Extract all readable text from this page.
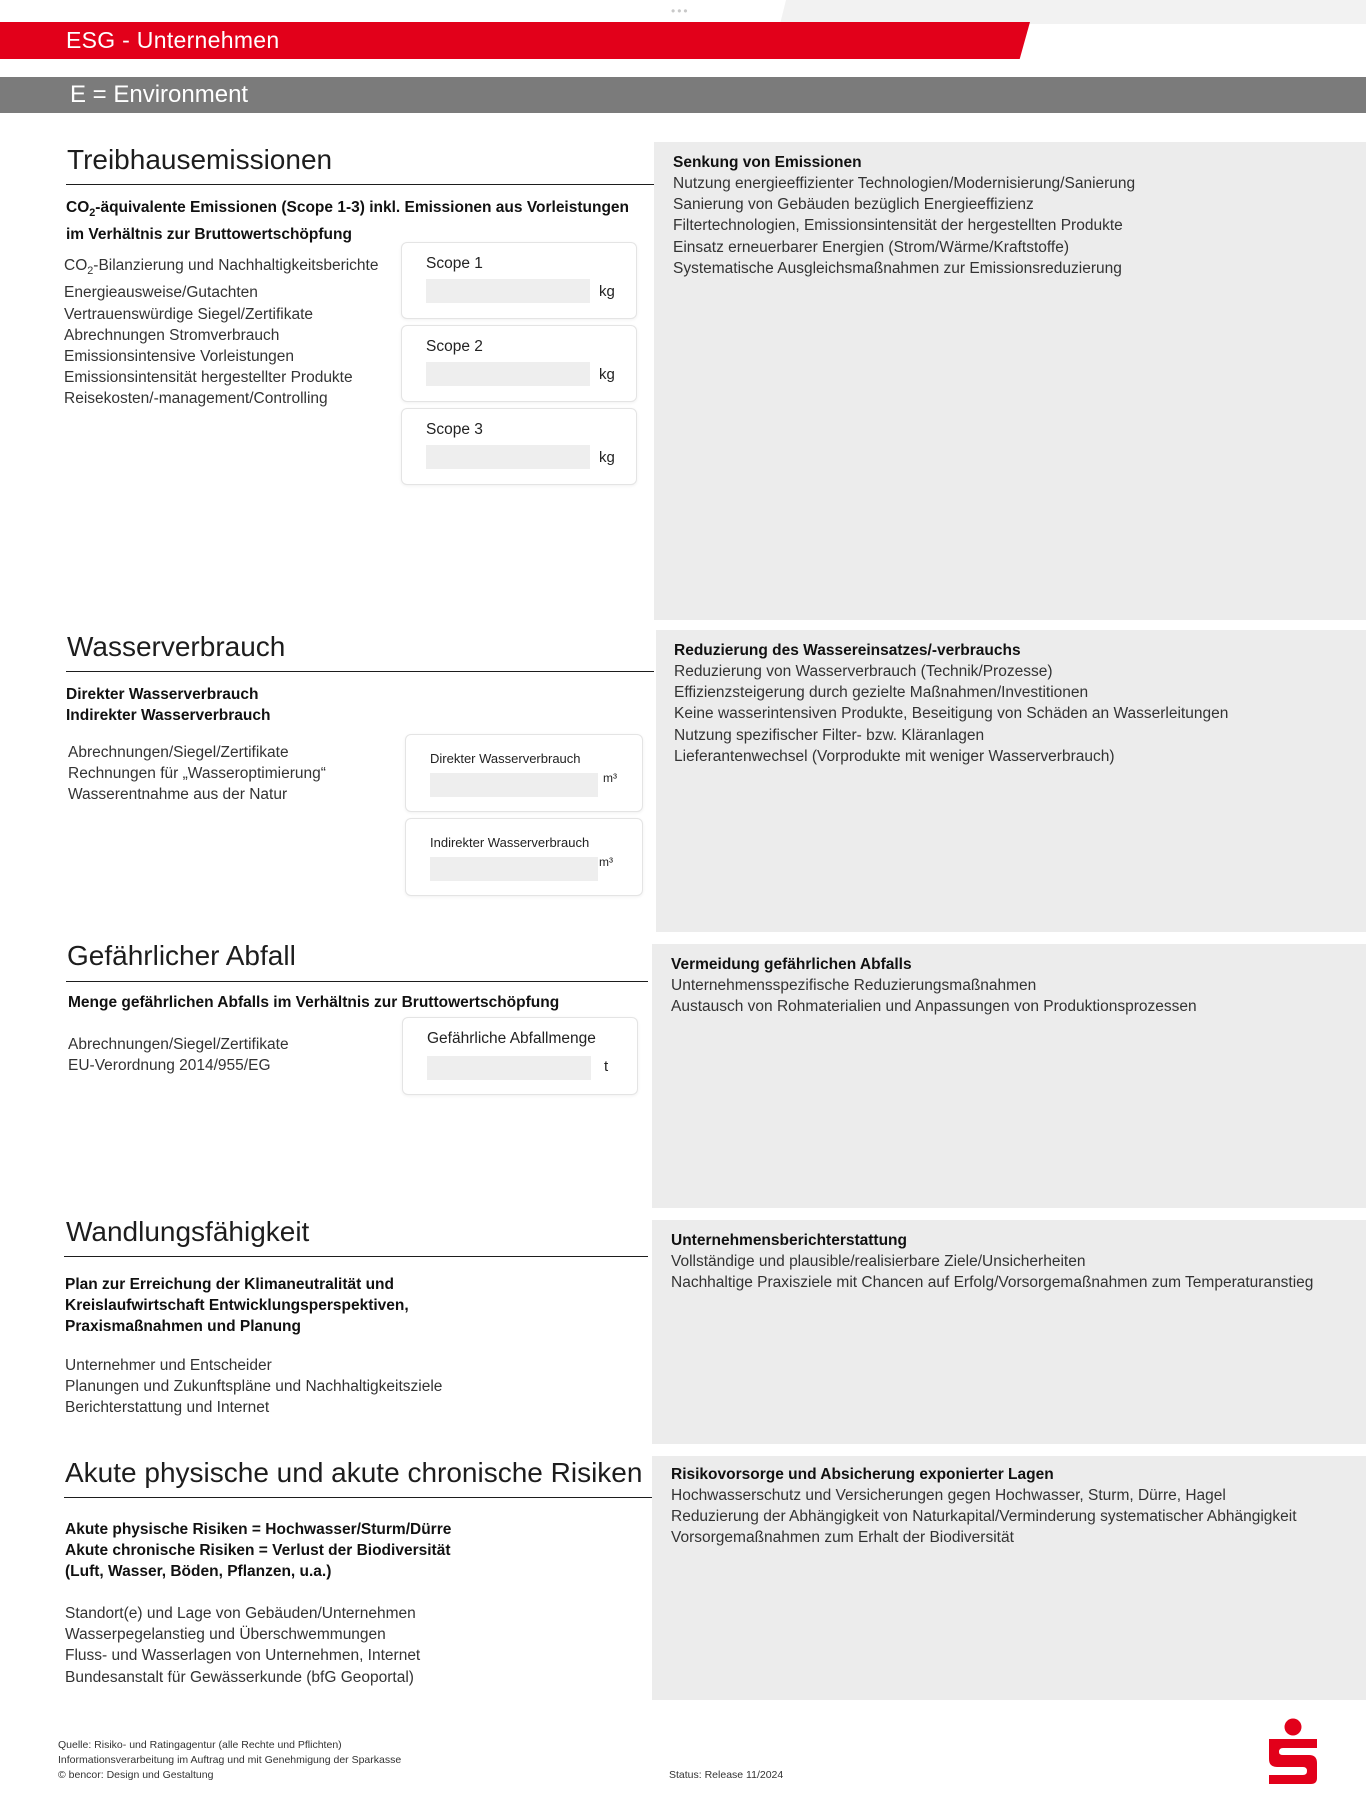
•••
ESG - Unternehmen
E = Environment
Treibhausemissionen
$CO_2$-äquivalente Emissionen (Scope 1-3) inkl. Emissionen aus Vorleistungen
im Verhältnis zur Bruttowertschöpfung
$CO_2$-Bilanzierung und Nachhaltigkeitsberichte
Energieausweise/Gutachten
Vertrauenswürdige Siegel/Zertifikate
Abrechnungen Stromverbrauch
Emissionsintensive Vorleistungen
Emissionsintensität hergestellter Produkte
Reisekosten/-management/Controlling
Scope 1
kg
Scope 2
kg
Scope 3
kg
Senkung von Emissionen
Nutzung energieeffizienter Technologien/Modernisierung/Sanierung
Sanierung von Gebäuden bezüglich Energieeffizienz
Filtertechnologien, Emissionsintensität der hergestellten Produkte
Einsatz erneuerbarer Energien (Strom/Wärme/Kraftstoffe)
Systematische Ausgleichsmaßnahmen zur Emissionsreduzierung
Wasserverbrauch
Direkter Wasserverbrauch
Indirekter Wasserverbrauch
Abrechnungen/Siegel/Zertifikate
Rechnungen für „Wasseroptimierung“
Wasserentnahme aus der Natur
Direkter Wasserverbrauch
m³
Indirekter Wasserverbrauch
m³
Reduzierung des Wassereinsatzes/-verbrauchs
Reduzierung von Wasserverbrauch (Technik/Prozesse)
Effizienzsteigerung durch gezielte Maßnahmen/Investitionen
Keine wasserintensiven Produkte, Beseitigung von Schäden an Wasserleitungen
Nutzung spezifischer Filter- bzw. Kläranlagen
Lieferantenwechsel (Vorprodukte mit weniger Wasserverbrauch)
Gefährlicher Abfall
Menge gefährlichen Abfalls im Verhältnis zur Bruttowertschöpfung
Abrechnungen/Siegel/Zertifikate
EU-Verordnung 2014/955/EG
Gefährliche Abfallmenge
t
Vermeidung gefährlichen Abfalls
Unternehmensspezifische Reduzierungsmaßnahmen
Austausch von Rohmaterialien und Anpassungen von Produktionsprozessen
Wandlungsfähigkeit
Plan zur Erreichung der Klimaneutralität und
Kreislaufwirtschaft Entwicklungsperspektiven,
Praxismaßnahmen und Planung
Unternehmer und Entscheider
Planungen und Zukunftspläne und Nachhaltigkeitsziele
Berichterstattung und Internet
Unternehmensberichterstattung
Vollständige und plausible/realisierbare Ziele/Unsicherheiten
Nachhaltige Praxisziele mit Chancen auf Erfolg/Vorsorgemaßnahmen zum Temperaturanstieg
Akute physische und akute chronische Risiken
Akute physische Risiken = Hochwasser/Sturm/Dürre
Akute chronische Risiken = Verlust der Biodiversität
(Luft, Wasser, Böden, Pflanzen, u.a.)
Standort(e) und Lage von Gebäuden/Unternehmen
Wasserpegelanstieg und Überschwemmungen
Fluss- und Wasserlagen von Unternehmen, Internet
Bundesanstalt für Gewässerkunde (bfG Geoportal)
Risikovorsorge und Absicherung exponierter Lagen
Hochwasserschutz und Versicherungen gegen Hochwasser, Sturm, Dürre, Hagel
Reduzierung der Abhängigkeit von Naturkapital/Verminderung systematischer Abhängigkeit
Vorsorgemaßnahmen zum Erhalt der Biodiversität
Quelle: Risiko- und Ratingagentur (alle Rechte und Pflichten)
Informationsverarbeitung im Auftrag und mit Genehmigung der Sparkasse
© bencor: Design und Gestaltung	Status: Release 11/2024
